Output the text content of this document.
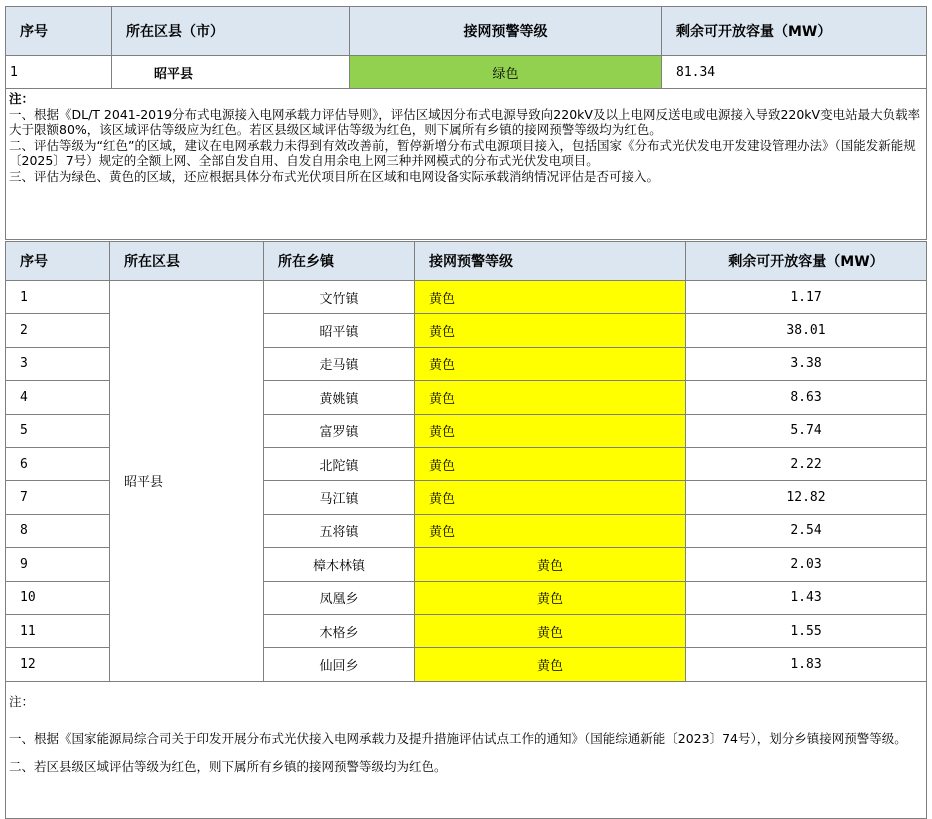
序号	所在区县（市）	接网预警等级	剩余可开放容量（MW）
1	昭平县	绿色	81.34

注：
一、根据《DL/T 2041-2019分布式电源接入电网承载力评估导则》，评估区域因分布式电源导致向220kV及以上电网反送电或电源接入导致220kV变电站最大负载率大于限额80%，该区域评估等级应为红色。若区县级区域评估等级为红色，则下属所有乡镇的接网预警等级均为红色。
二、评估等级为“红色”的区域，建议在电网承载力未得到有效改善前，暂停新增分布式电源项目接入，包括国家《分布式光伏发电开发建设管理办法》（国能发新能规〔2025〕7号）规定的全额上网、全部自发自用、自发自用余电上网三种并网模式的分布式光伏发电项目。
三、评估为绿色、黄色的区域，还应根据具体分布式光伏项目所在区域和电网设备实际承载消纳情况评估是否可接入。			
序号	所在区县	所在乡镇	接网预警等级	剩余可开放容量（MW）
1	昭平县	文竹镇	黄色	1.17
2		昭平镇	黄色	38.01
3		走马镇	黄色	3.38
4		黄姚镇	黄色	8.63
5		富罗镇	黄色	5.74
6		北陀镇	黄色	2.22
7		马江镇	黄色	12.82
8		五将镇	黄色	2.54
9		樟木林镇	黄色	2.03
10		凤凰乡	黄色	1.43
11		木格乡	黄色	1.55
12		仙回乡	黄色	1.83

注：
一、根据《国家能源局综合司关于印发开展分布式光伏接入电网承载力及提升措施评估试点工作的通知》（国能综通新能〔2023〕74号），划分乡镇接网预警等级。
二、若区县级区域评估等级为红色，则下属所有乡镇的接网预警等级均为红色。				
